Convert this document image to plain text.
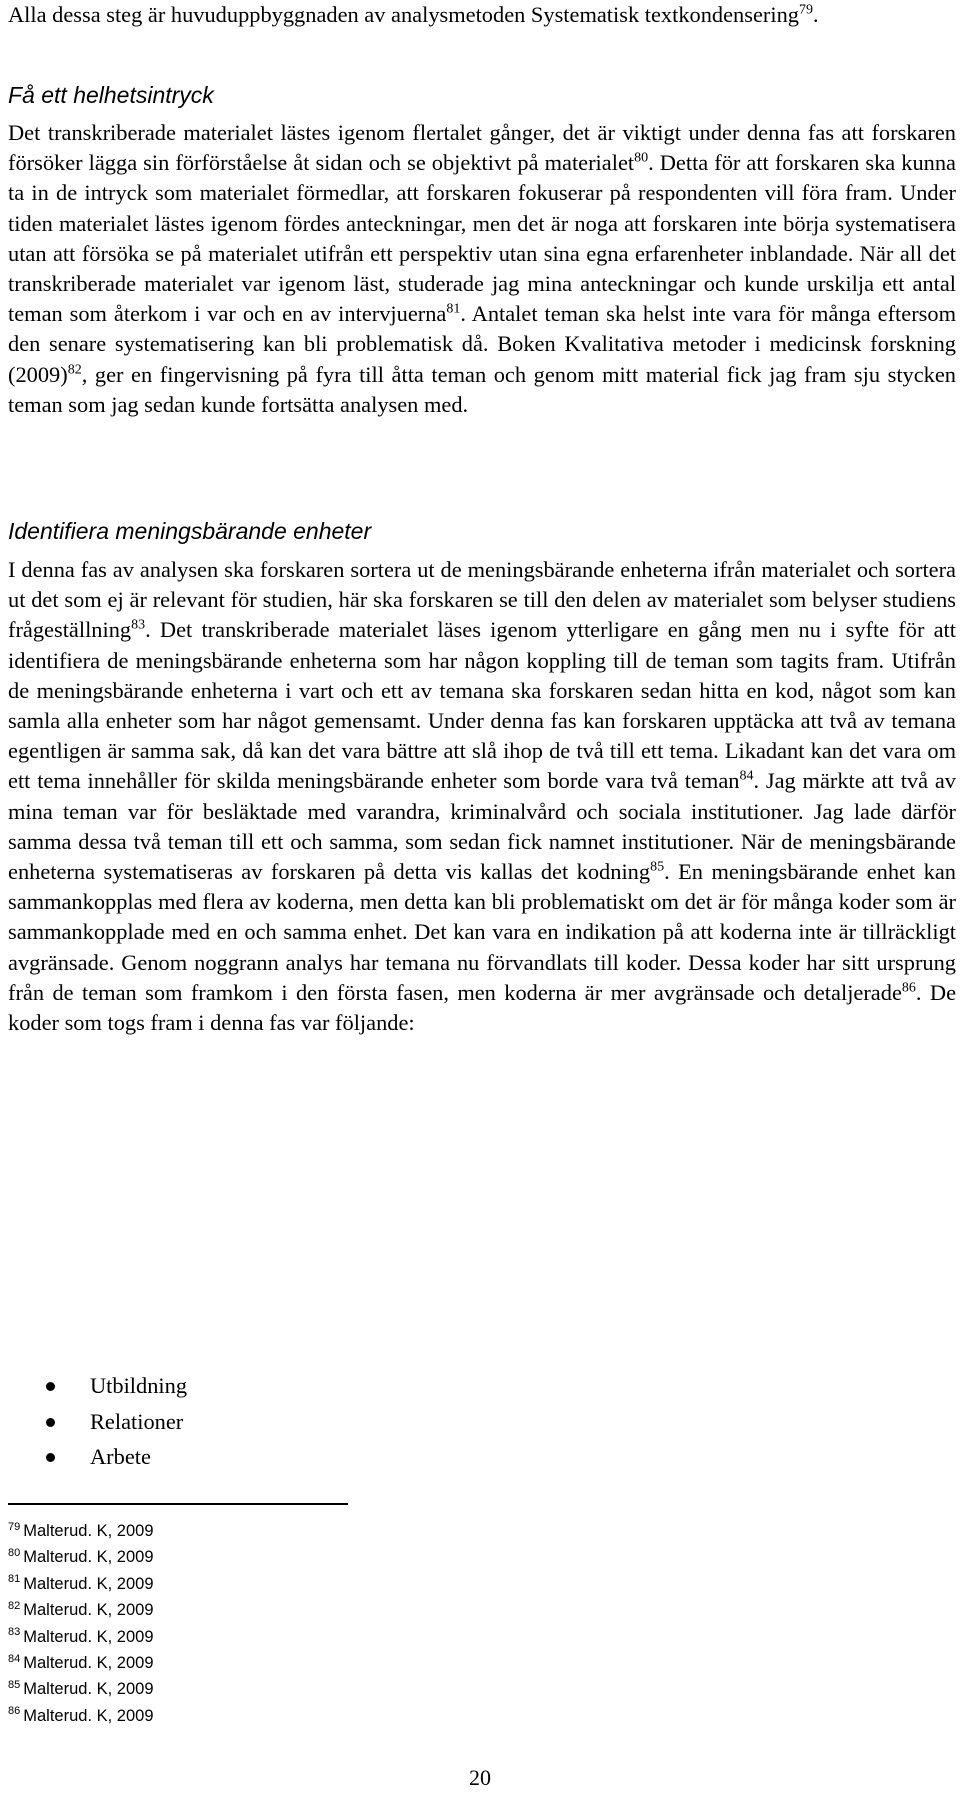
Alla dessa steg är huvuduppbyggnaden av analysmetoden Systematisk textkondensering$^{79}$.

Få ett helhetsintryck

Det transkriberade materialet lästes igenom flertalet gånger, det är viktigt under denna fas att forskaren försöker lägga sin förförståelse åt sidan och se objektivt på materialet$^{80}$. Detta för att forskaren ska kunna ta in de intryck som materialet förmedlar, att forskaren fokuserar på respondenten vill föra fram. Under tiden materialet lästes igenom fördes anteckningar, men det är noga att forskaren inte börja systematisera utan att försöka se på materialet utifrån ett perspektiv utan sina egna erfarenheter inblandade. När all det transkriberade materialet var igenom läst, studerade jag mina anteckningar och kunde urskilja ett antal teman som återkom i var och en av intervjuerna$^{81}$. Antalet teman ska helst inte vara för många eftersom den senare systematisering kan bli problematisk då. Boken Kvalitativa metoder i medicinsk forskning $(2009)^{82}$, ger en fingervisning på fyra till åtta teman och genom mitt material fick jag fram sju stycken teman som jag sedan kunde fortsätta analysen med.

Identifiera meningsbärande enheter

I denna fas av analysen ska forskaren sortera ut de meningsbärande enheterna ifrån materialet och sortera ut det som ej är relevant för studien, här ska forskaren se till den delen av materialet som belyser studiens frågeställning$^{83}$. Det transkriberade materialet läses igenom ytterligare en gång men nu i syfte för att identifiera de meningsbärande enheterna som har någon koppling till de teman som tagits fram. Utifrån de meningsbärande enheterna i vart och ett av temana ska forskaren sedan hitta en kod, något som kan samla alla enheter som har något gemensamt. Under denna fas kan forskaren upptäcka att två av temana egentligen är samma sak, då kan det vara bättre att slå ihop de två till ett tema. Likadant kan det vara om ett tema innehåller för skilda meningsbärande enheter som borde vara två teman$^{84}$. Jag märkte att två av mina teman var för besläktade med varandra, kriminalvård och sociala institutioner. Jag lade därför samma dessa två teman till ett och samma, som sedan fick namnet institutioner. När de meningsbärande enheterna systematiseras av forskaren på detta vis kallas det kodning$^{85}$. En meningsbärande enhet kan sammankopplas med flera av koderna, men detta kan bli problematiskt om det är för många koder som är sammankopplade med en och samma enhet. Det kan vara en indikation på att koderna inte är tillräckligt avgränsade. Genom noggrann analys har temana nu förvandlats till koder. Dessa koder har sitt ursprung från de teman som framkom i den första fasen, men koderna är mer avgränsade och detaljerade$^{86}$. De koder som togs fram i denna fas var följande:

Utbildning
Relationer
Arbete
$^{79}$ Malterud. K, 2009
$^{80}$ Malterud. K, 2009
$^{81}$ Malterud. K, 2009
$^{82}$ Malterud. K, 2009
$^{83}$ Malterud. K, 2009
$^{84}$ Malterud. K, 2009
$^{85}$ Malterud. K, 2009
$^{86}$ Malterud. K, 2009
20
